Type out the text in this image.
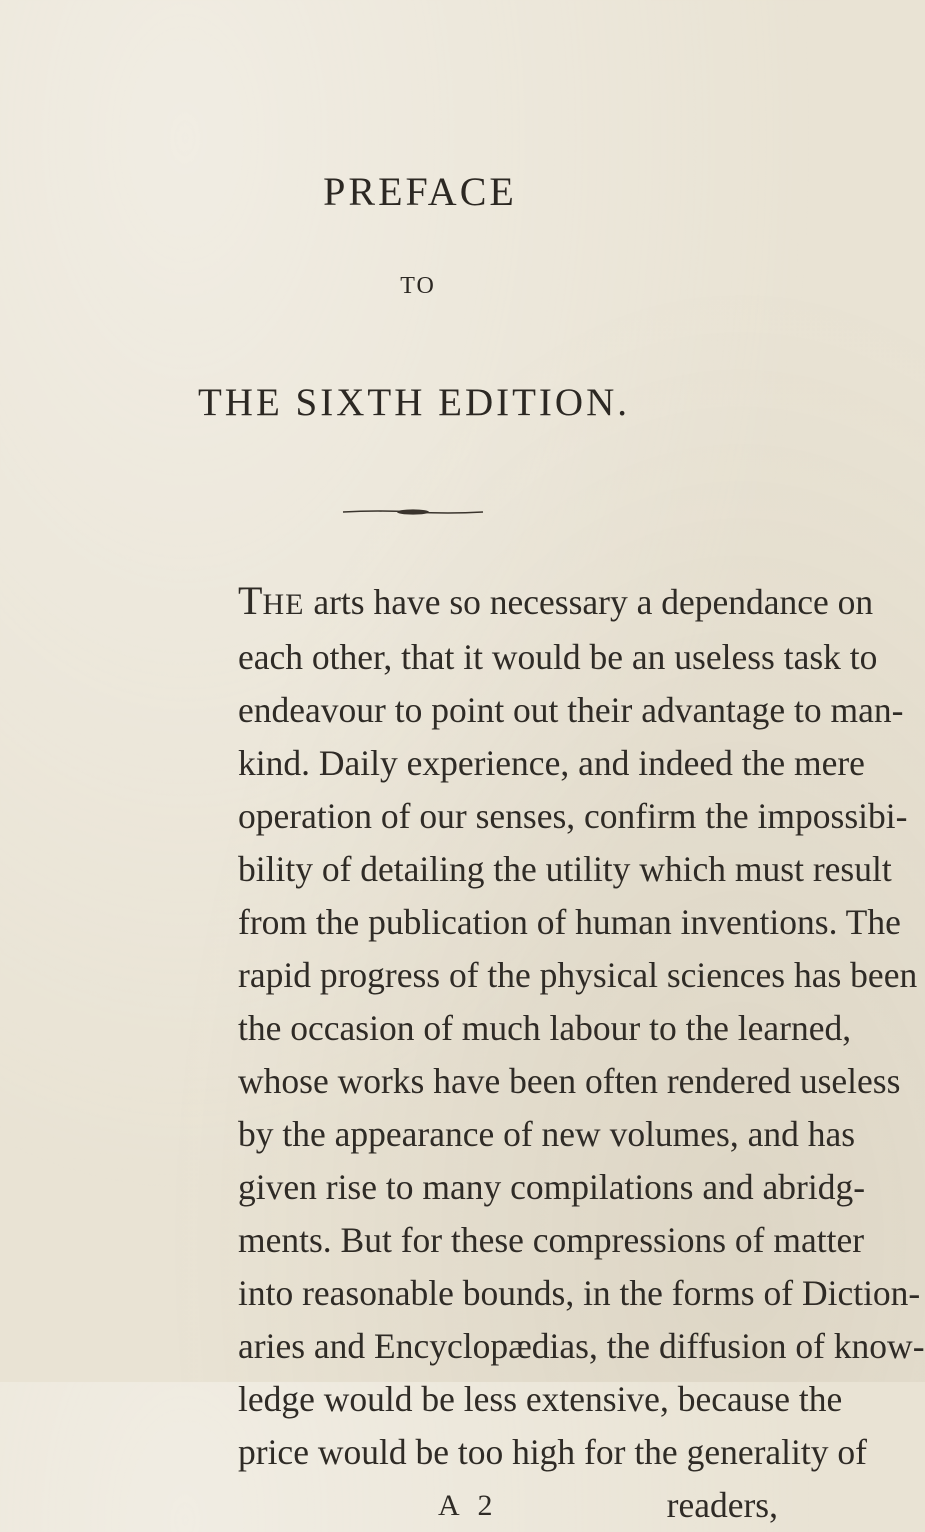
PREFACE
TO
THE SIXTH EDITION.
THE arts have so necessary a dependance on
each other, that it would be an useless task to
endeavour to point out their advantage to man-
kind. Daily experience, and indeed the mere
operation of our senses, confirm the impossibi-
bility of detailing the utility which must result
from the publication of human inventions. The
rapid progress of the physical sciences has been
the occasion of much labour to the learned,
whose works have been often rendered useless
by the appearance of new volumes, and has
given rise to many compilations and abridg-
ments. But for these compressions of matter
into reasonable bounds, in the forms of Diction-
aries and Encyclopædias, the diffusion of know-
ledge would be less extensive, because the
price would be too high for the generality of
A 2	readers,
